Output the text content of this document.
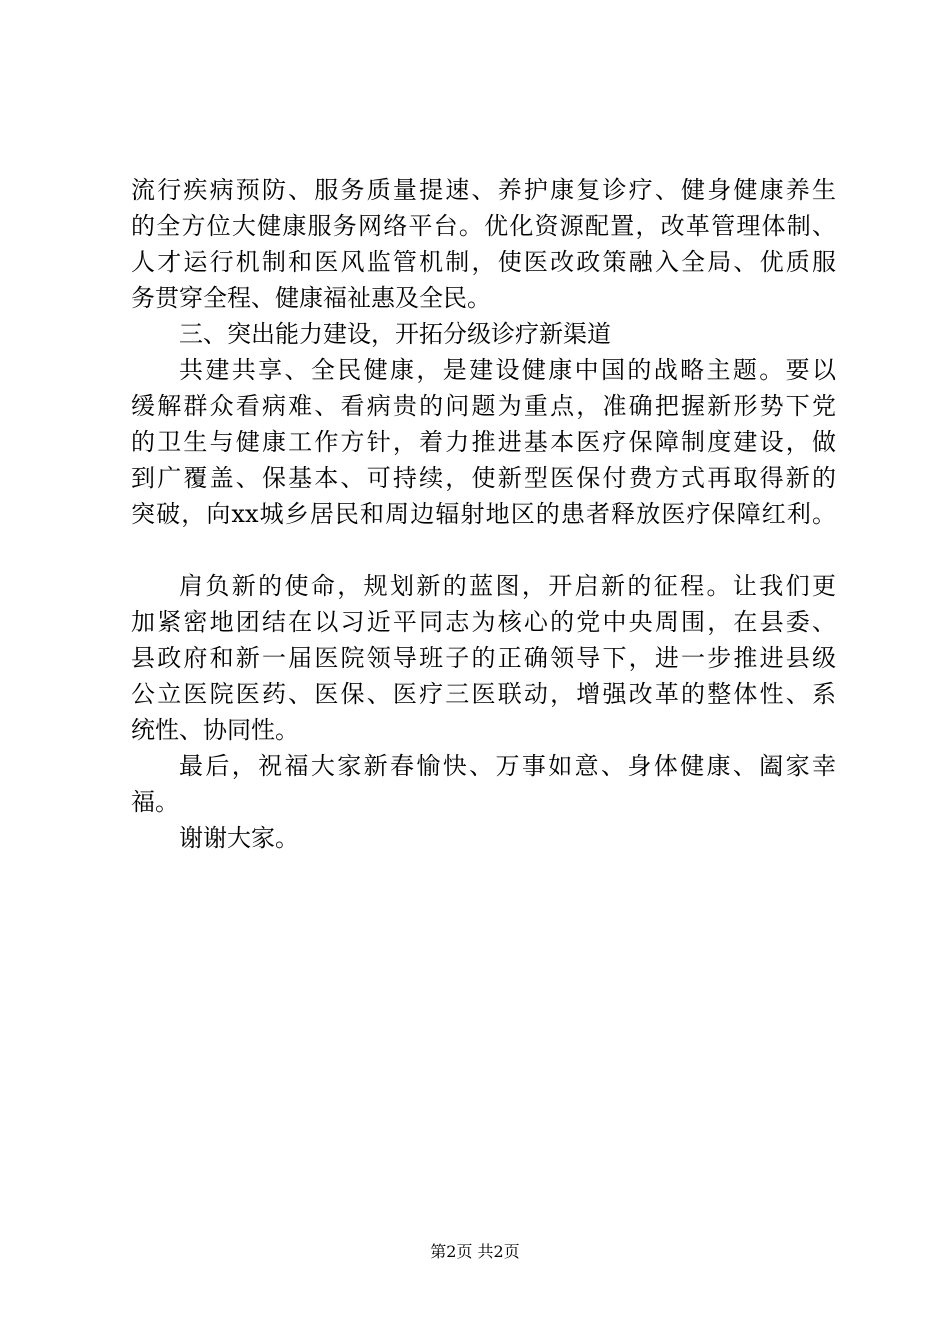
流行疾病预防、服务质量提速、养护康复诊疗、健身健康养生
的全方位大健康服务网络平台。优化资源配置，改革管理体制、
人才运行机制和医风监管机制，使医改政策融入全局、优质服
务贯穿全程、健康福祉惠及全民。
三、突出能力建设，开拓分级诊疗新渠道
共建共享、全民健康，是建设健康中国的战略主题。要以
缓解群众看病难、看病贵的问题为重点，准确把握新形势下党
的卫生与健康工作方针，着力推进基本医疗保障制度建设，做
到广覆盖、保基本、可持续，使新型医保付费方式再取得新的
突破，向xx城乡居民和周边辐射地区的患者释放医疗保障红利。
肩负新的使命，规划新的蓝图，开启新的征程。让我们更
加紧密地团结在以习近平同志为核心的党中央周围，在县委、
县政府和新一届医院领导班子的正确领导下，进一步推进县级
公立医院医药、医保、医疗三医联动，增强改革的整体性、系
统性、协同性。
最后，祝福大家新春愉快、万事如意、身体健康、阖家幸
福。
谢谢大家。
第2页 共2页
